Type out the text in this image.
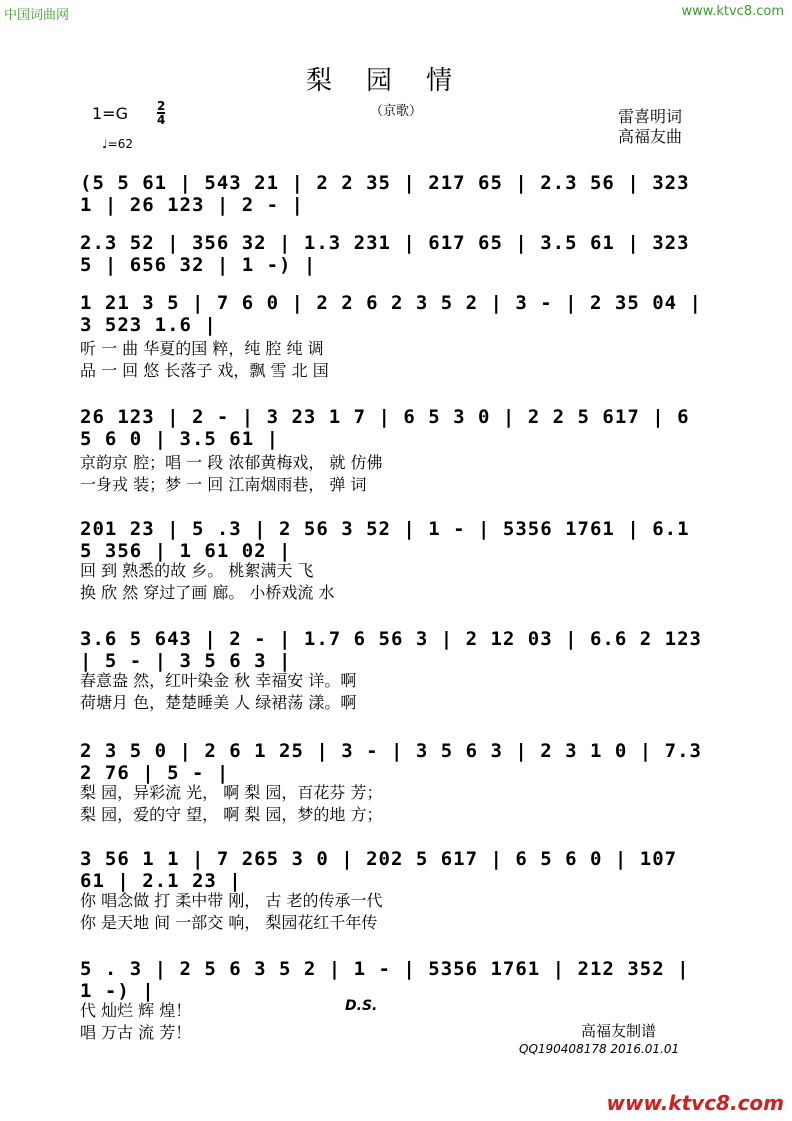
中国词曲网	www.ktvc8.com
梨园情
（京歌）
1=G 2
4
♩=62
雷喜明词
高福友曲
(5 5 61 | 543 21 | 2 2 35 | 217 65 | 2.3 56 | 323 1 | 26 123 | 2 - |
2.3 52 | 356 32 | 1.3 231 | 617 65 | 3.5 61 | 323 5 | 656 32 | 1 -) |
1 21 3 5 | 7 6 0 | 2 2 6 2 3 5 2 | 3 - | 2 35 04 | 3 523 1.6 |
听 一 曲 华夏的国 粹，纯 腔 纯 调
品 一 回 悠 长落子 戏，飘 雪 北 国
26 123 | 2 - | 3 23 1 7 | 6 5 3 0 | 2 2 5 617 | 6 5 6 0 | 3.5 61 |
京韵京 腔；唱 一 段 浓郁黄梅戏， 就 仿佛
一身戎 装；梦 一 回 江南烟雨巷， 弹 词
201 23 | 5 .3 | 2 56 3 52 | 1 - | 5356 1761 | 6.1 5 356 | 1 61 02 |
回 到 熟悉的故 乡。 桃絮满天 飞
换 欣 然 穿过了画 廊。 小桥戏流 水
3.6 5 643 | 2 - | 1.7 6 56 3 | 2 12 03 | 6.6 2 123 | 5 - | 3 5 6 3 |
春意盎 然，红叶染金 秋 幸福安 详。啊
荷塘月 色，楚楚睡美 人 绿裙荡 漾。啊
2 3 5 0 | 2 6 1 25 | 3 - | 3 5 6 3 | 2 3 1 0 | 7.3 2 76 | 5 - |
梨 园，异彩流 光， 啊 梨 园，百花芬 芳；
梨 园，爱的守 望， 啊 梨 园，梦的地 方；
3 56 1 1 | 7 265 3 0 | 202 5 617 | 6 5 6 0 | 107 61 | 2.1 23 |
你 唱念做 打 柔中带 刚， 古 老的传承一代
你 是天地 间 一部交 响， 梨园花红千年传
5 . 3 | 2 5 6 3 5 2 | 1 - | 5356 1761 | 212 352 | 1 -) |
代 灿烂 辉 煌！
唱 万古 流 芳！
D.S.
高福友制谱
QQ190408178 2016.01.01
www.ktvc8.com
